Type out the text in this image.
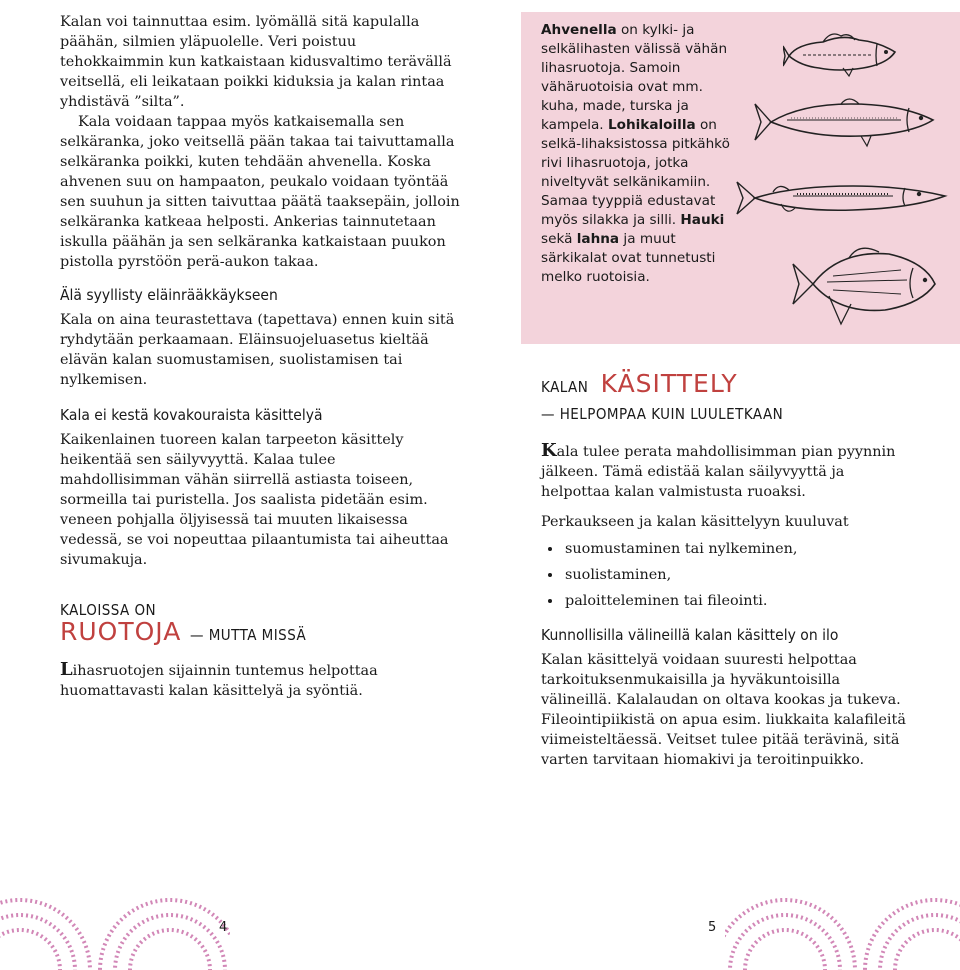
Kalan voi tainnuttaa esim. lyömällä sitä kapulalla päähän, silmien yläpuolelle. Veri poistuu tehokkaimmin kun katkaistaan kidusvaltimo terävällä veitsellä, eli leikataan poikki kiduksia ja kalan rintaa yhdistävä ”silta”.

Kala voidaan tappaa myös katkaisemalla sen selkäranka, joko veitsellä pään takaa tai taivuttamalla selkäranka poikki, kuten tehdään ahvenella. Koska ahvenen suu on hampaaton, peukalo voidaan työntää sen suuhun ja sitten taivuttaa päätä taaksepäin, jolloin selkäranka katkeaa helposti. Ankerias tainnutetaan iskulla päähän ja sen selkäranka katkaistaan puukon pistolla pyrstöön perä-aukon takaa.

Älä syyllisty eläinrääkkäykseen

Kala on aina teurastettava (tapettava) ennen kuin sitä ryhdytään perkaamaan. Eläinsuojeluasetus kieltää elävän kalan suomustamisen, suolistamisen tai nylkemisen.

Kala ei kestä kovakouraista käsittelyä

Kaikenlainen tuoreen kalan tarpeeton käsittely heikentää sen säilyvyyttä. Kalaa tulee mahdollisimman vähän siirrellä astiasta toiseen, sormeilla tai puristella. Jos saalista pidetään esim. veneen pohjalla öljyisessä tai muuten likaisessa vedessä, se voi nopeuttaa pilaantumista tai aiheuttaa sivumakuja.

KALOISSA ON
RUOTOJA — MUTTA MISSÄ

Lihasruotojen sijainnin tuntemus helpottaa huomattavasti kalan käsittelyä ja syöntiä.

Ahvenella on kylki- ja selkälihasten välissä vähän lihasruotoja. Samoin vähäruotoisia ovat mm. kuha, made, turska ja kampela. Lohikaloilla on selkä-lihaksistossa pitkähkö rivi lihasruotoja, jotka niveltyvät selkänikamiin. Samaa tyyppiä edustavat myös silakka ja silli. Hauki sekä lahna ja muut särkikalat ovat tunnetusti melko ruotoisia.
KALAN KÄSITTELY
— HELPOMPAA KUIN LUULETKAAN

Kala tulee perata mahdollisimman pian pyynnin jälkeen. Tämä edistää kalan säilyvyyttä ja helpottaa kalan valmistusta ruoaksi.

Perkaukseen ja kalan käsittelyyn kuuluvat

• suomustaminen tai nylkeminen,
• suolistaminen,
• paloitteleminen tai fileointi.
Kunnollisilla välineillä kalan käsittely on ilo

Kalan käsittelyä voidaan suuresti helpottaa tarkoituksenmukaisilla ja hyväkuntoisilla välineillä. Kalalaudan on oltava kookas ja tukeva. Fileointipiikistä on apua esim. liukkaita kalafileitä viimeisteltäessä. Veitset tulee pitää terävinä, sitä varten tarvitaan hiomakivi ja teroitinpuikko.

4	5
